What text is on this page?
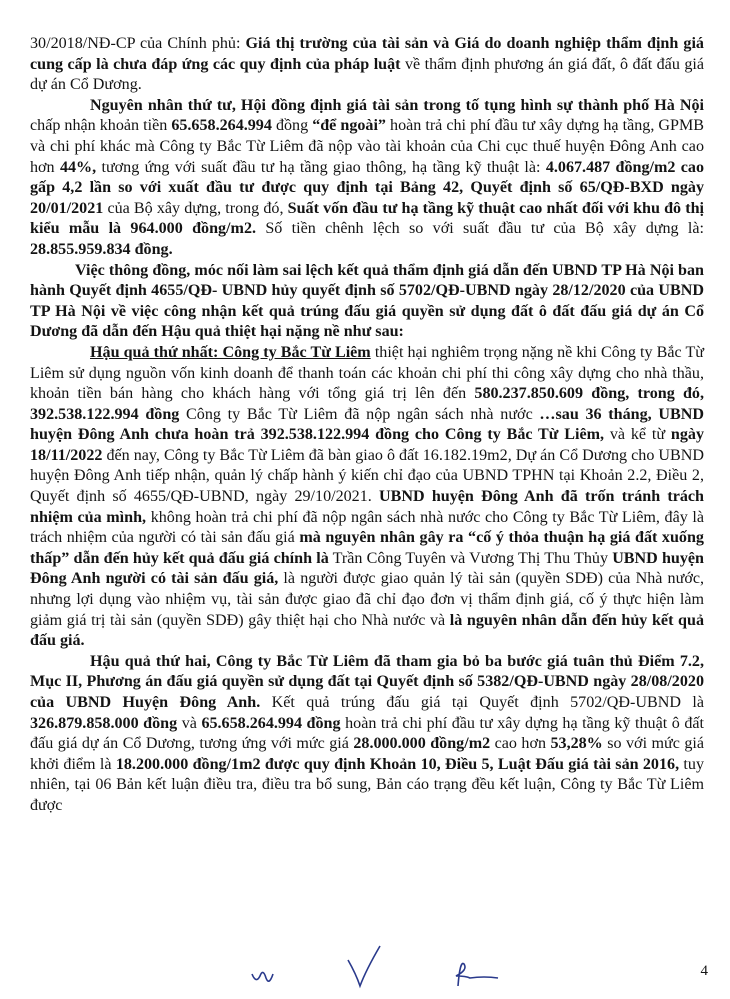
30/2018/NĐ-CP của Chính phủ: Giá thị trường của tài sản và Giá do doanh nghiệp thẩm định giá cung cấp là chưa đáp ứng các quy định của pháp luật về thẩm định phương án giá đất, ô đất đấu giá dự án Cổ Dương.

Nguyên nhân thứ tư, Hội đồng định giá tài sản trong tố tụng hình sự thành phố Hà Nội chấp nhận khoản tiền 65.658.264.994 đồng “để ngoài” hoàn trả chi phí đầu tư xây dựng hạ tầng, GPMB và chi phí khác mà Công ty Bắc Từ Liêm đã nộp vào tài khoản của Chi cục thuế huyện Đông Anh cao hơn 44%, tương ứng với suất đầu tư hạ tầng giao thông, hạ tầng kỹ thuật là: 4.067.487 đồng/m2 cao gấp 4,2 lần so với xuất đầu tư được quy định tại Bảng 42, Quyết định số 65/QĐ-BXD ngày 20/01/2021 của Bộ xây dựng, trong đó, Suất vốn đầu tư hạ tầng kỹ thuật cao nhất đối với khu đô thị kiểu mẫu là 964.000 đồng/m2. Số tiền chênh lệch so với suất đầu tư của Bộ xây dựng là: 28.855.959.834 đồng.

Việc thông đồng, móc nối làm sai lệch kết quả thẩm định giá dẫn đến UBND TP Hà Nội ban hành Quyết định 4655/QĐ- UBND hủy quyết định số 5702/QĐ-UBND ngày 28/12/2020 của UBND TP Hà Nội về việc công nhận kết quả trúng đấu giá quyền sử dụng đất ô đất đấu giá dự án Cổ Dương đã dẫn đến Hậu quả thiệt hại nặng nề như sau:

Hậu quả thứ nhất: Công ty Bắc Từ Liêm thiệt hại nghiêm trọng nặng nề khi Công ty Bắc Từ Liêm sử dụng nguồn vốn kinh doanh để thanh toán các khoản chi phí thi công xây dựng cho nhà thầu, khoản tiền bán hàng cho khách hàng với tổng giá trị lên đến 580.237.850.609 đồng, trong đó, 392.538.122.994 đồng Công ty Bắc Từ Liêm đã nộp ngân sách nhà nước …sau 36 tháng, UBND huyện Đông Anh chưa hoàn trả 392.538.122.994 đồng cho Công ty Bắc Từ Liêm, và kể từ ngày 18/11/2022 đến nay, Công ty Bắc Từ Liêm đã bàn giao ô đất 16.182.19m2, Dự án Cổ Dương cho UBND huyện Đông Anh tiếp nhận, quản lý chấp hành ý kiến chỉ đạo của UBND TPHN tại Khoản 2.2, Điều 2, Quyết định số 4655/QĐ-UBND, ngày 29/10/2021. UBND huyện Đông Anh đã trốn tránh trách nhiệm của mình, không hoàn trả chi phí đã nộp ngân sách nhà nước cho Công ty Bắc Từ Liêm, đây là trách nhiệm của người có tài sản đấu giá mà nguyên nhân gây ra “cố ý thỏa thuận hạ giá đất xuống thấp” dẫn đến hủy kết quả đấu giá chính là Trần Công Tuyên và Vương Thị Thu Thủy UBND huyện Đông Anh người có tài sản đấu giá, là người được giao quản lý tài sản (quyền SDĐ) của Nhà nước, nhưng lợi dụng vào nhiệm vụ, tài sản được giao đã chỉ đạo đơn vị thẩm định giá, cố ý thực hiện làm giảm giá trị tài sản (quyền SDĐ) gây thiệt hại cho Nhà nước và là nguyên nhân dẫn đến hủy kết quả đấu giá.

Hậu quả thứ hai, Công ty Bắc Từ Liêm đã tham gia bỏ ba bước giá tuân thủ Điểm 7.2, Mục II, Phương án đấu giá quyền sử dụng đất tại Quyết định số 5382/QĐ-UBND ngày 28/08/2020 của UBND Huyện Đông Anh. Kết quả trúng đấu giá tại Quyết định 5702/QĐ-UBND là 326.879.858.000 đồng và 65.658.264.994 đồng hoàn trả chi phí đầu tư xây dựng hạ tầng kỹ thuật ô đất đấu giá dự án Cổ Dương, tương ứng với mức giá 28.000.000 đồng/m2 cao hơn 53,28% so với mức giá khởi điểm là 18.200.000 đồng/1m2 được quy định Khoản 10, Điều 5, Luật Đấu giá tài sản 2016, tuy nhiên, tại 06 Bản kết luận điều tra, điều tra bổ sung, Bản cáo trạng đều kết luận, Công ty Bắc Từ Liêm được

4
